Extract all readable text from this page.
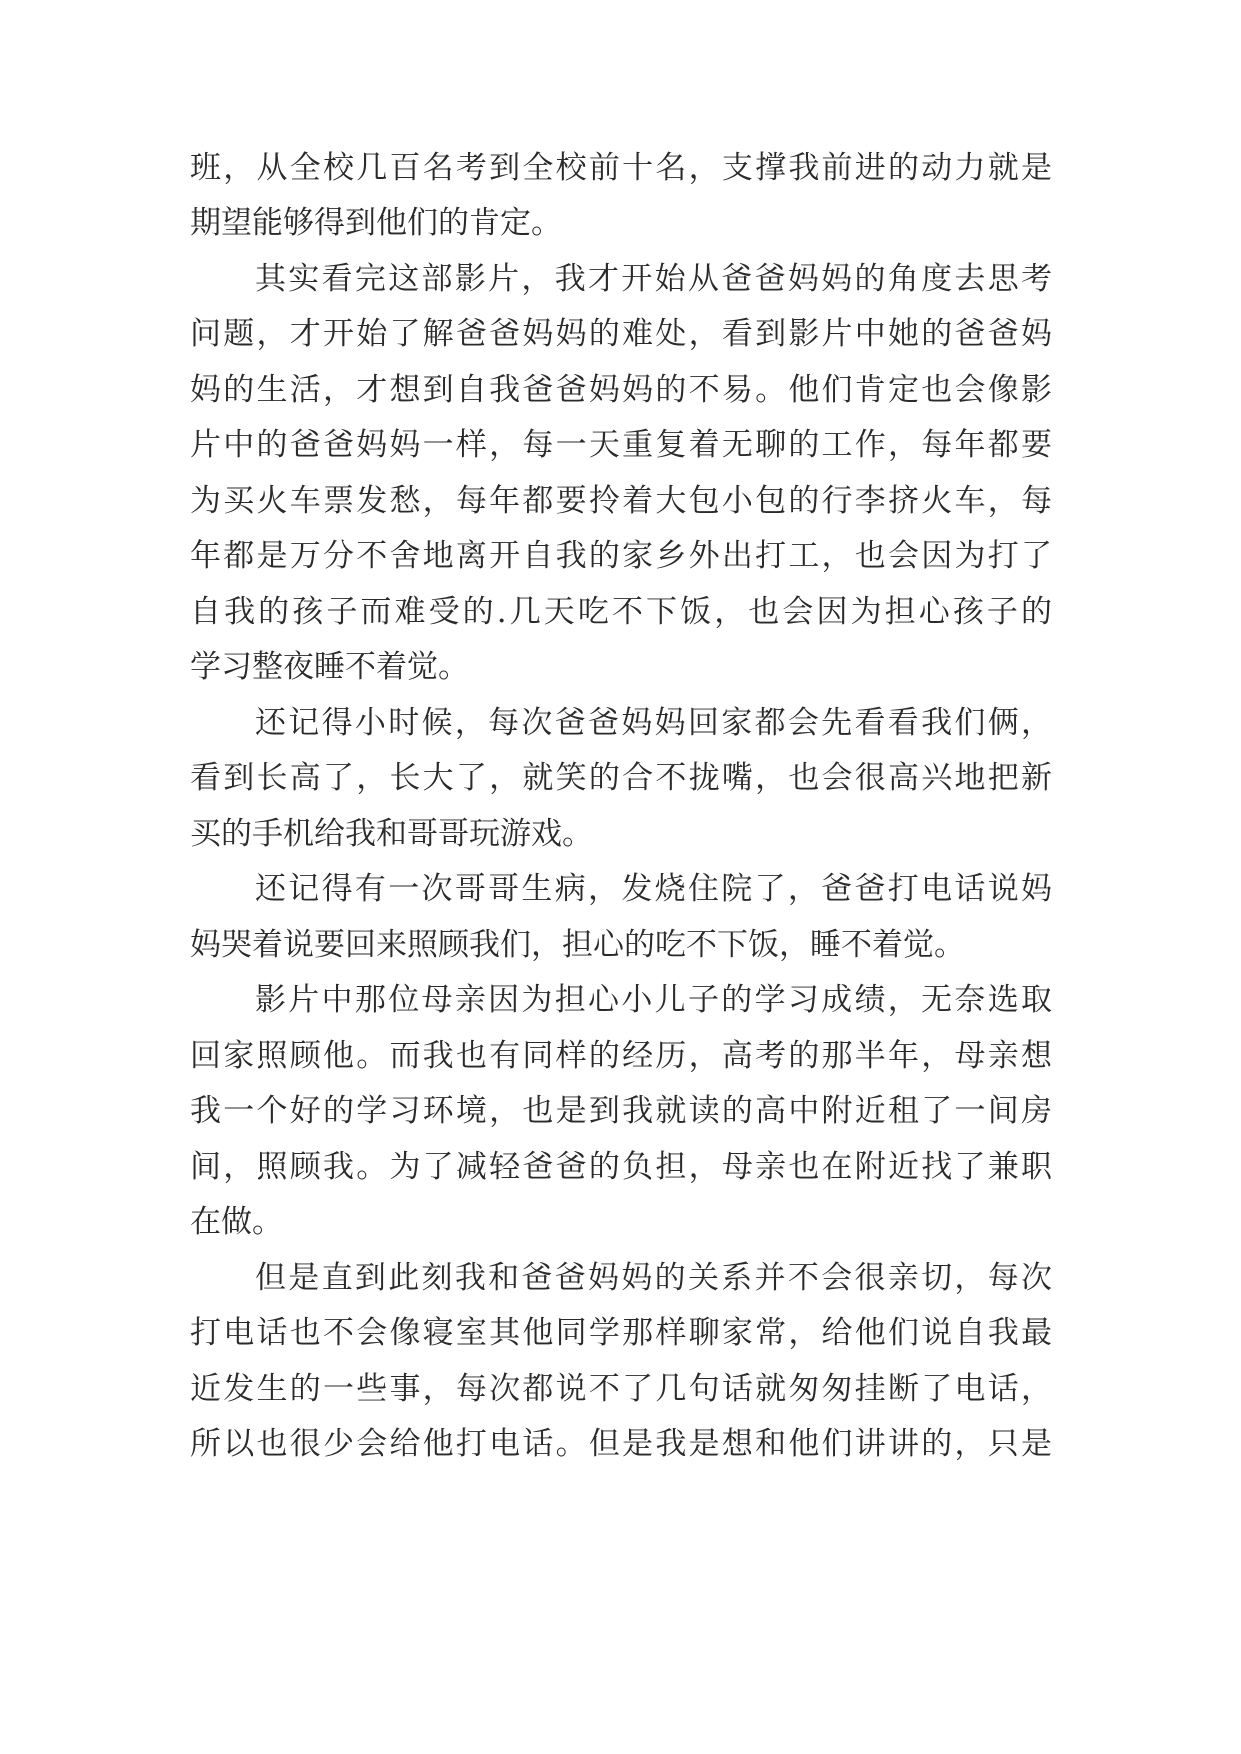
班，从全校几百名考到全校前十名，支撑我前进的动力就是
期望能够得到他们的肯定。
其实看完这部影片，我才开始从爸爸妈妈的角度去思考
问题，才开始了解爸爸妈妈的难处，看到影片中她的爸爸妈
妈的生活，才想到自我爸爸妈妈的不易。他们肯定也会像影
片中的爸爸妈妈一样，每一天重复着无聊的工作，每年都要
为买火车票发愁，每年都要拎着大包小包的行李挤火车，每
年都是万分不舍地离开自我的家乡外出打工，也会因为打了
自我的孩子而难受的.几天吃不下饭，也会因为担心孩子的
学习整夜睡不着觉。
还记得小时候，每次爸爸妈妈回家都会先看看我们俩，
看到长高了，长大了，就笑的合不拢嘴，也会很高兴地把新
买的手机给我和哥哥玩游戏。
还记得有一次哥哥生病，发烧住院了，爸爸打电话说妈
妈哭着说要回来照顾我们，担心的吃不下饭，睡不着觉。
影片中那位母亲因为担心小儿子的学习成绩，无奈选取
回家照顾他。而我也有同样的经历，高考的那半年，母亲想
我一个好的学习环境，也是到我就读的高中附近租了一间房
间，照顾我。为了减轻爸爸的负担，母亲也在附近找了兼职
在做。
但是直到此刻我和爸爸妈妈的关系并不会很亲切，每次
打电话也不会像寝室其他同学那样聊家常，给他们说自我最
近发生的一些事，每次都说不了几句话就匆匆挂断了电话，
所以也很少会给他打电话。但是我是想和他们讲讲的，只是
